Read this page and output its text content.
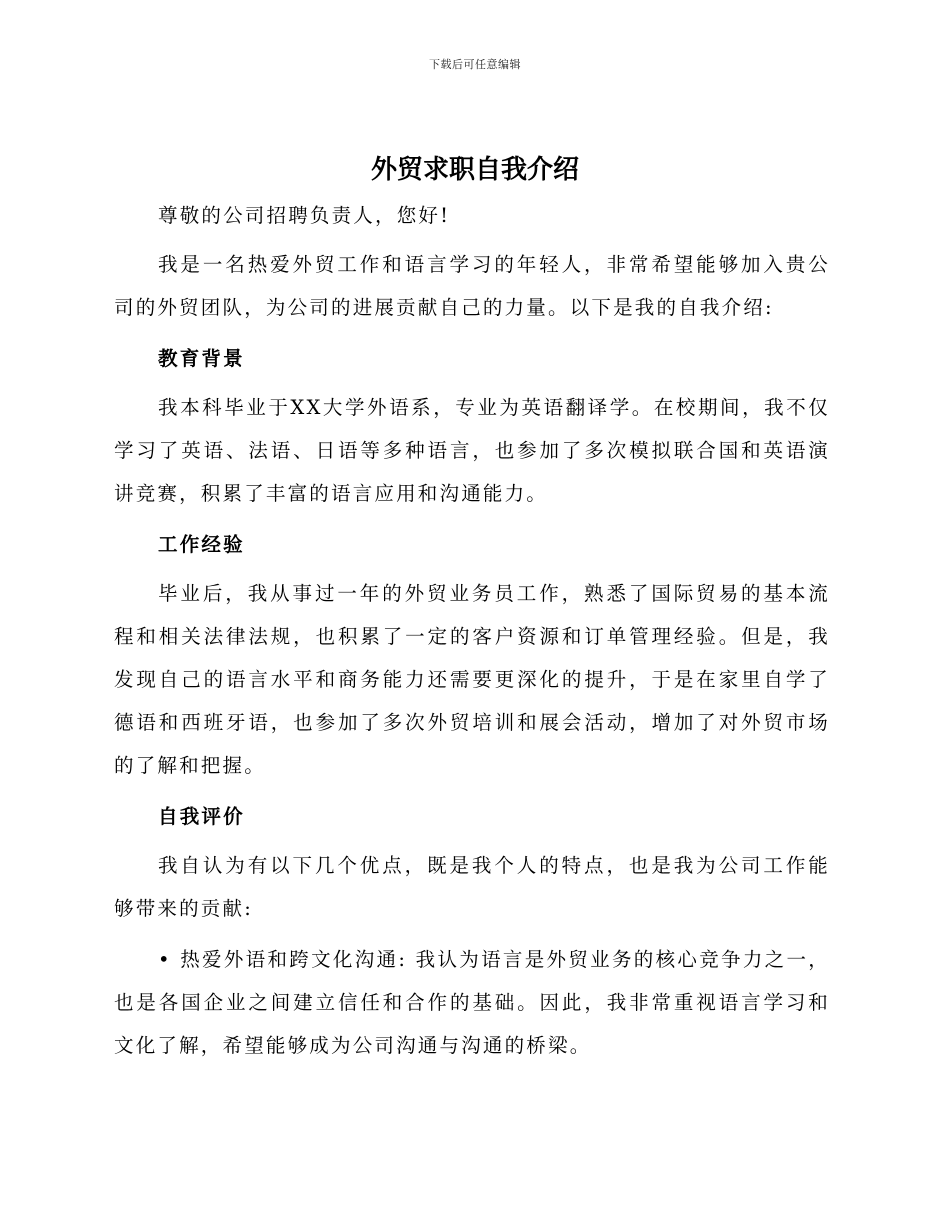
下载后可任意编辑
外贸求职自我介绍

尊敬的公司招聘负责人，您好!

我是一名热爱外贸工作和语言学习的年轻人，非常希望能够加入贵公司的外贸团队，为公司的进展贡献自己的力量。以下是我的自我介绍:

教育背景

我本科毕业于XX大学外语系，专业为英语翻译学。在校期间，我不仅学习了英语、法语、日语等多种语言，也参加了多次模拟联合国和英语演讲竞赛，积累了丰富的语言应用和沟通能力。

工作经验

毕业后，我从事过一年的外贸业务员工作，熟悉了国际贸易的基本流程和相关法律法规，也积累了一定的客户资源和订单管理经验。但是，我发现自己的语言水平和商务能力还需要更深化的提升，于是在家里自学了德语和西班牙语，也参加了多次外贸培训和展会活动，增加了对外贸市场的了解和把握。

自我评价

我自认为有以下几个优点，既是我个人的特点，也是我为公司工作能够带来的贡献:

• 热爱外语和跨文化沟通: 我认为语言是外贸业务的核心竞争力之一，也是各国企业之间建立信任和合作的基础。因此，我非常重视语言学习和文化了解，希望能够成为公司沟通与沟通的桥梁。
